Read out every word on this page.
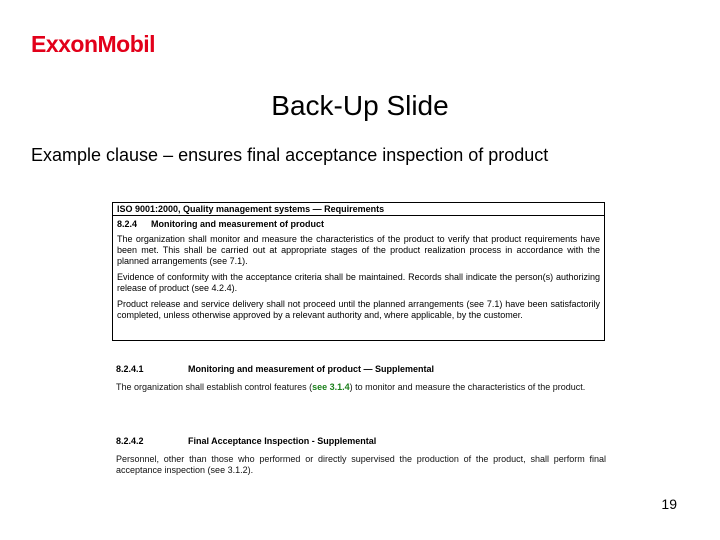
ExxonMobil
Back-Up Slide
Example clause – ensures final acceptance inspection of product
ISO 9001:2000, Quality management systems — Requirements
8.2.4 Monitoring and measurement of product
The organization shall monitor and measure the characteristics of the product to verify that product requirements have been met. This shall be carried out at appropriate stages of the product realization process in accordance with the planned arrangements (see 7.1).
Evidence of conformity with the acceptance criteria shall be maintained. Records shall indicate the person(s) authorizing release of product (see 4.2.4).
Product release and service delivery shall not proceed until the planned arrangements (see 7.1) have been satisfactorily completed, unless otherwise approved by a relevant authority and, where applicable, by the customer.
8.2.4.1	Monitoring and measurement of product — Supplemental
The organization shall establish control features (see 3.1.4) to monitor and measure the characteristics of the product.
8.2.4.2	Final Acceptance Inspection - Supplemental
Personnel, other than those who performed or directly supervised the production of the product, shall perform final acceptance inspection (see 3.1.2).
19
